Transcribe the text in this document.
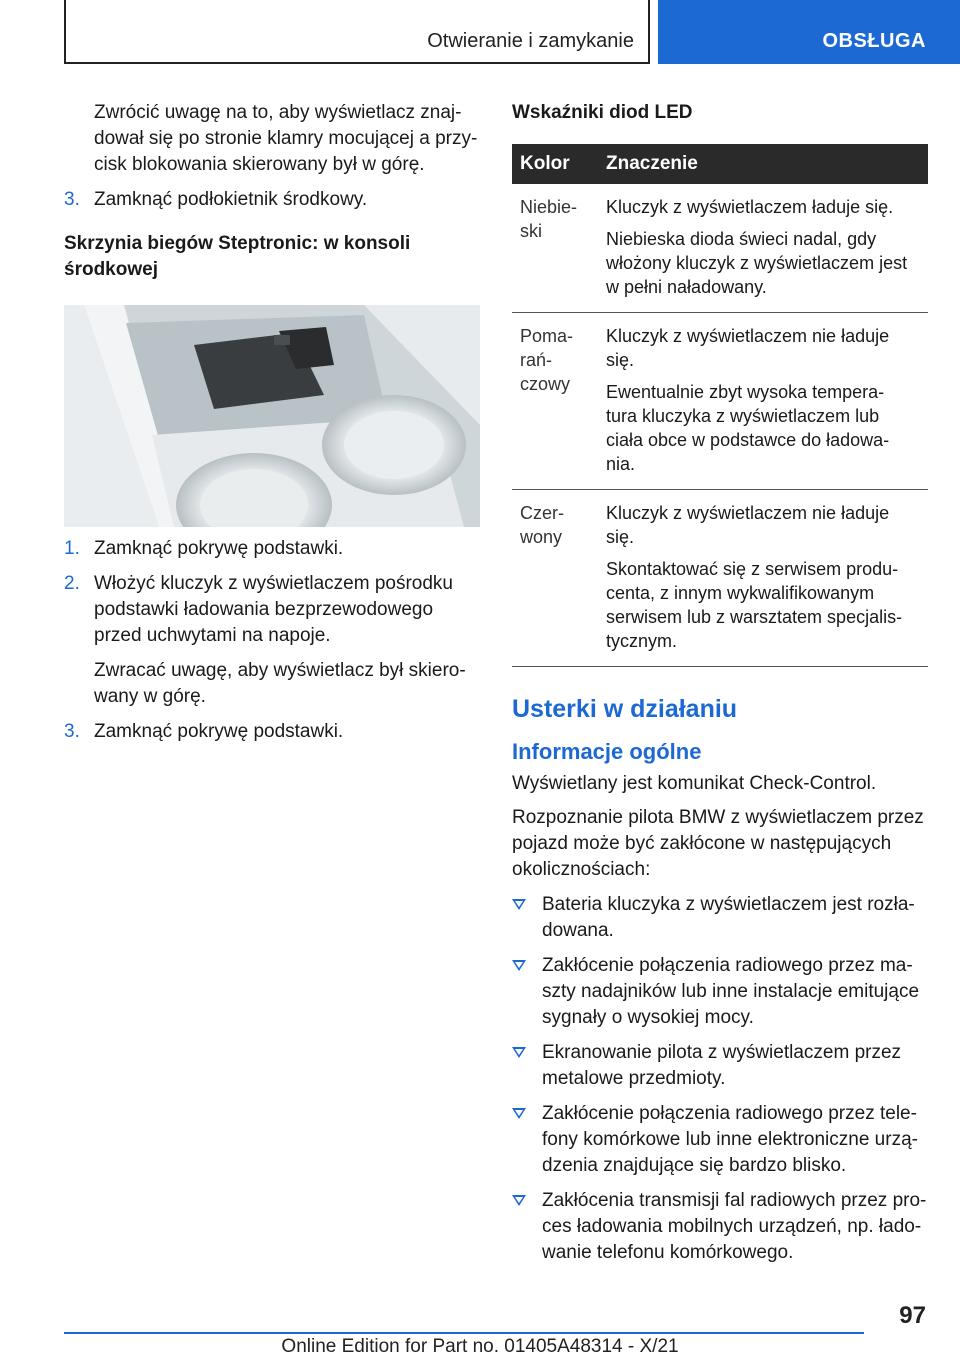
Otwieranie i zamykanie	OBSŁUGA

Zwrócić uwagę na to, aby wyświetlacz znaj- dował się po stronie klamry mocującej a przy- cisk blokowania skierowany był w górę.

3. Zamknąć podłokietnik środkowy.

Skrzynia biegów Steptronic: w konsoli środkowej

1. Zamknąć pokrywę podstawki.
2. Włożyć kluczyk z wyświetlaczem pośrodku podstawki ładowania bezprzewodowego przed uchwytami na napoje.

Zwracać uwagę, aby wyświetlacz był skiero- wany w górę.

3. Zamknąć pokrywę podstawki.

Wskaźniki diod LED

Kolor	Znaczenie
Niebie- ski	Kluczyk z wyświetlaczem ładuje się.

Niebieska dioda świeci nadal, gdy włożony kluczyk z wyświetlaczem jest w pełni naładowany.

Poma- rań- czowy	Kluczyk z wyświetlaczem nie ładuje się.

Ewentualnie zbyt wysoka tempera- tura kluczyka z wyświetlaczem lub ciała obce w podstawce do ładowa- nia.

Czer- wony	Kluczyk z wyświetlaczem nie ładuje się.

Skontaktować się z serwisem produ- centa, z innym wykwalifikowanym serwisem lub z warsztatem specjalis- tycznym.

Usterki w działaniu
Informacje ogólne

Wyświetlany jest komunikat Check-Control.

Rozpoznanie pilota BMW z wyświetlaczem przez pojazd może być zakłócone w następujących okolicznościach:

Bateria kluczyka z wyświetlaczem jest rozła- dowana.
Zakłócenie połączenia radiowego przez ma- szty nadajników lub inne instalacje emitujące sygnały o wysokiej mocy.
Ekranowanie pilota z wyświetlaczem przez metalowe przedmioty.
Zakłócenie połączenia radiowego przez tele- fony komórkowe lub inne elektroniczne urzą- dzenia znajdujące się bardzo blisko.
Zakłócenia transmisji fal radiowych przez pro- ces ładowania mobilnych urządzeń, np. łado- wanie telefonu komórkowego.
97
Online Edition for Part no. 01405A48314 - X/21
